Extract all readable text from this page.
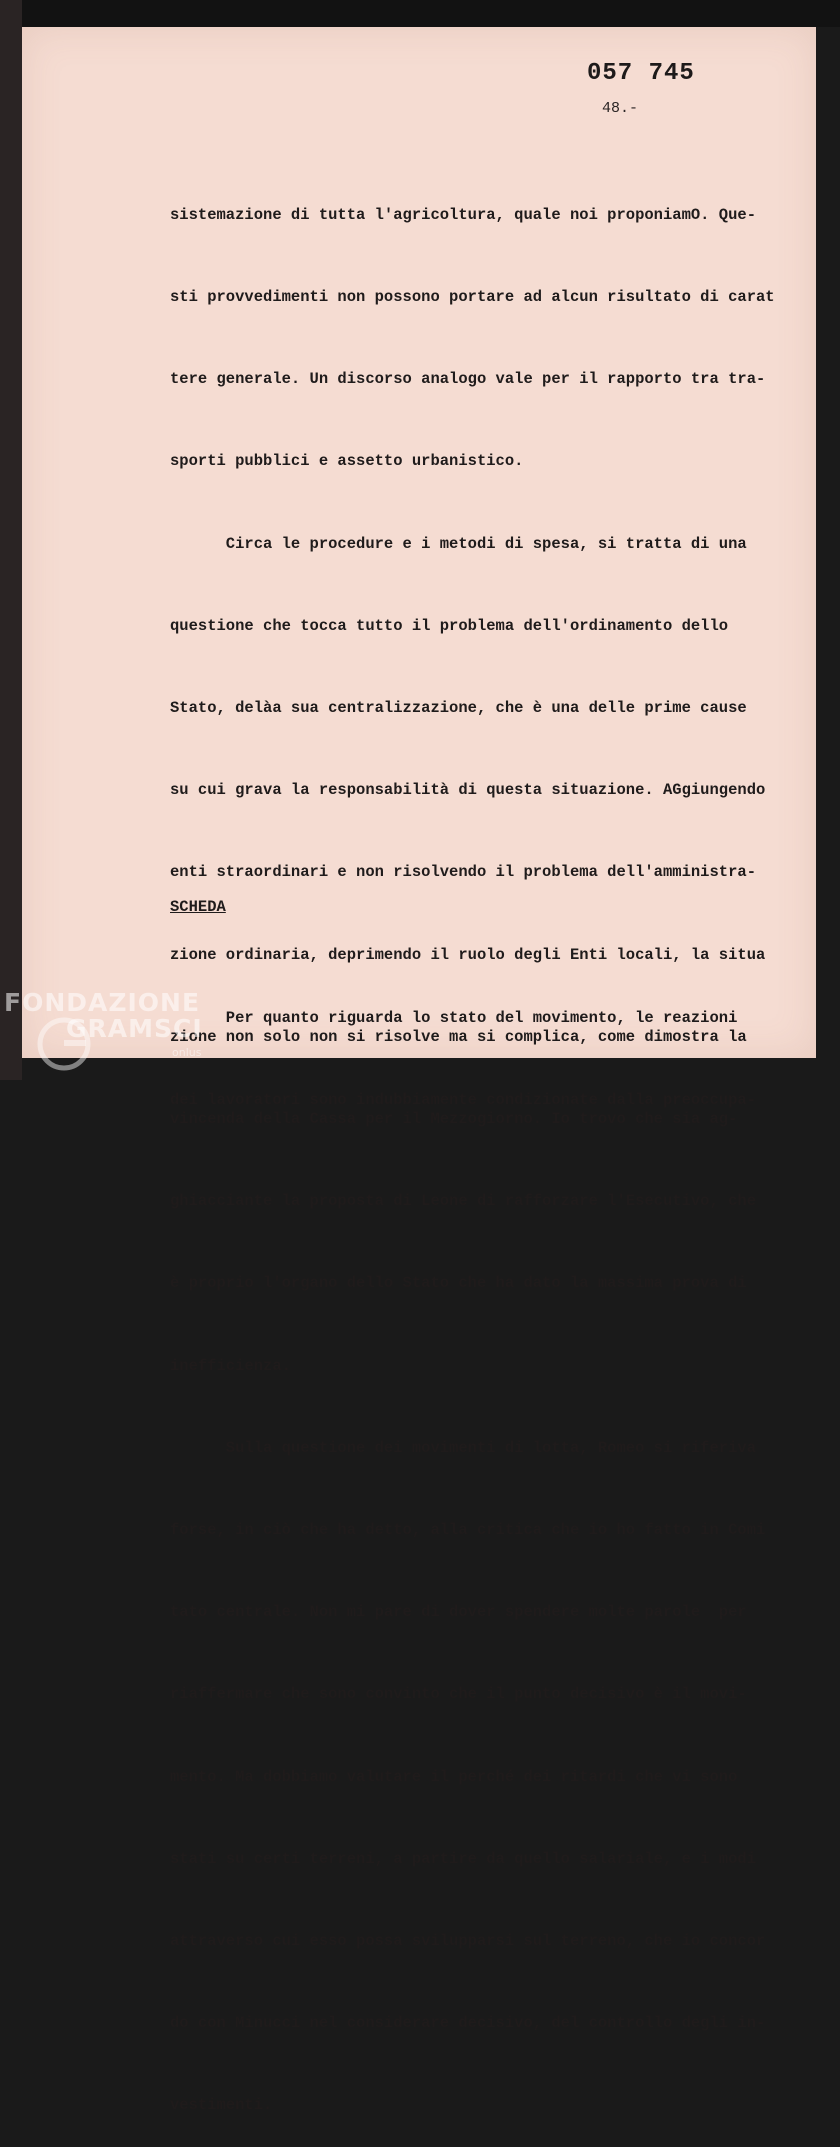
057 745
48.-

sistemazione di tutta l'agricoltura, quale noi proponiamO. Que-

sti provvedimenti non possono portare ad alcun risultato di carat

tere generale. Un discorso analogo vale per il rapporto tra tra-

sporti pubblici e assetto urbanistico.

Circa le procedure e i metodi di spesa, si tratta di una

questione che tocca tutto il problema dell'ordinamento dello

Stato, delàa sua centralizzazione, che è una delle prime cause

su cui grava la responsabilità di questa situazione. AGgiungendo

enti straordinari e non risolvendo il problema dell'amministra-

zione ordinaria, deprimendo il ruolo degli Enti locali, la situa

zione non solo non si risolve ma si complica, come dimostra la

vincenda della Cassa per il Mezzogiorno. Io trovo che sia ag-

ghiacciante la proposta di Leone di rafforzare l'Esecutivo, che

è proprio l'organo dello Stato che ha dato la massima prova di

inefficienza.

Sulla questione dei movimenti di lotta, Romeo si riferiva

forse, in ciò che ha detto, alla critica che io ho fatto in Comi

tato centrale. Non mi pare di dover spendere molte parole  per

riaffermare che sono convinto che il punto decisivo è il movi-

mento. Ma dobbiamo valutare il perché dei ritardi che vi sono

stati su certi terreni, a partire da quello salariale, e i modi

attraverso cui esso possa svilupparsi sul terreno, che io concor

do con Minucci nel considerare decisivo, del controllo degli in-

vestimenti.

SCHEDA

Per quanto riguarda lo stato del movimento, le reazioni

dei lavoratori sono indubbiamente condizionate dalla preoccupa-

FONDAZIONE
GRAMSCI
onlus
